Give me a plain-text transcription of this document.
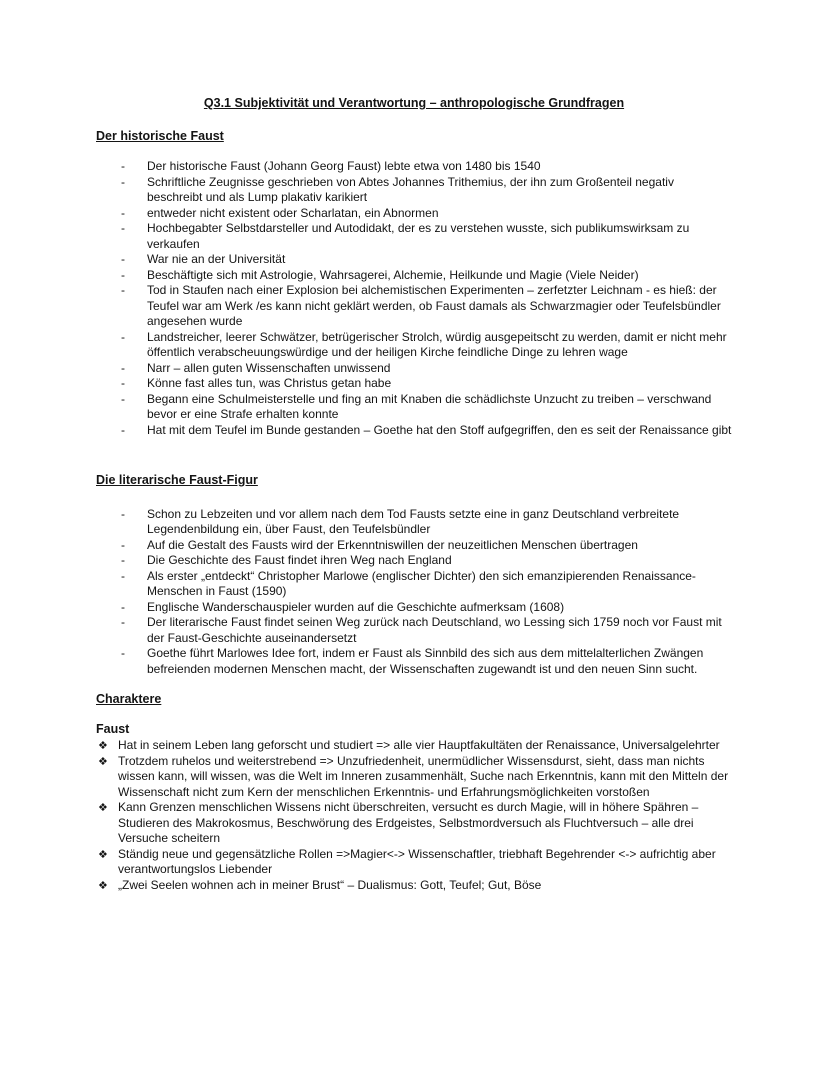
Q3.1 Subjektivität und Verantwortung – anthropologische Grundfragen
Der historische Faust
-	Der historische Faust (Johann Georg Faust) lebte etwa von 1480 bis 1540
-	Schriftliche Zeugnisse geschrieben von Abtes Johannes Trithemius, der ihn zum Großenteil negativ beschreibt und als Lump plakativ karikiert
-	entweder nicht existent oder Scharlatan, ein Abnormen
-	Hochbegabter Selbstdarsteller und Autodidakt, der es zu verstehen wusste, sich publikumswirksam zu verkaufen
-	War nie an der Universität
-	Beschäftigte sich mit Astrologie, Wahrsagerei, Alchemie, Heilkunde und Magie (Viele Neider)
-	Tod in Staufen nach einer Explosion bei alchemistischen Experimenten – zerfetzter Leichnam - es hieß: der Teufel war am Werk /es kann nicht geklärt werden, ob Faust damals als Schwarzmagier oder Teufelsbündler angesehen wurde
-	Landstreicher, leerer Schwätzer, betrügerischer Strolch, würdig ausgepeitscht zu werden, damit er nicht mehr öffentlich verabscheuungswürdige und der heiligen Kirche feindliche Dinge zu lehren wage
-	Narr – allen guten Wissenschaften unwissend
-	Könne fast alles tun, was Christus getan habe
-	Begann eine Schulmeisterstelle und fing an mit Knaben die schädlichste Unzucht zu treiben – verschwand bevor er eine Strafe erhalten konnte
-	Hat mit dem Teufel im Bunde gestanden – Goethe hat den Stoff aufgegriffen, den es seit der Renaissance gibt
Die literarische Faust-Figur
-	Schon zu Lebzeiten und vor allem nach dem Tod Fausts setzte eine in ganz Deutschland verbreitete Legendenbildung ein, über Faust, den Teufelsbündler
-	Auf die Gestalt des Fausts wird der Erkenntniswillen der neuzeitlichen Menschen übertragen
-	Die Geschichte des Faust findet ihren Weg nach England
-	Als erster „entdeckt“ Christopher Marlowe (englischer Dichter) den sich emanzipierenden Renaissance-Menschen in Faust (1590)
-	Englische Wanderschauspieler wurden auf die Geschichte aufmerksam (1608)
-	Der literarische Faust findet seinen Weg zurück nach Deutschland, wo Lessing sich 1759 noch vor Faust mit der Faust-Geschichte auseinandersetzt
-	Goethe führt Marlowes Idee fort, indem er Faust als Sinnbild des sich aus dem mittelalterlichen Zwängen befreienden modernen Menschen macht, der Wissenschaften zugewandt ist und den neuen Sinn sucht.
Charaktere
Faust
❖ Hat in seinem Leben lang geforscht und studiert => alle vier Hauptfakultäten der Renaissance, Universalgelehrter
❖ Trotzdem ruhelos und weiterstrebend => Unzufriedenheit, unermüdlicher Wissensdurst, sieht, dass man nichts wissen kann, will wissen, was die Welt im Inneren zusammenhält, Suche nach Erkenntnis, kann mit den Mitteln der Wissenschaft nicht zum Kern der menschlichen Erkenntnis- und Erfahrungsmöglichkeiten vorstoßen
❖ Kann Grenzen menschlichen Wissens nicht überschreiten, versucht es durch Magie, will in höhere Spähren – Studieren des Makrokosmus, Beschwörung des Erdgeistes, Selbstmordversuch als Fluchtversuch – alle drei Versuche scheitern
❖ Ständig neue und gegensätzliche Rollen =>Magier<-> Wissenschaftler, triebhaft Begehrender <-> aufrichtig aber verantwortungslos Liebender
❖ „Zwei Seelen wohnen ach in meiner Brust“ – Dualismus: Gott, Teufel; Gut, Böse
